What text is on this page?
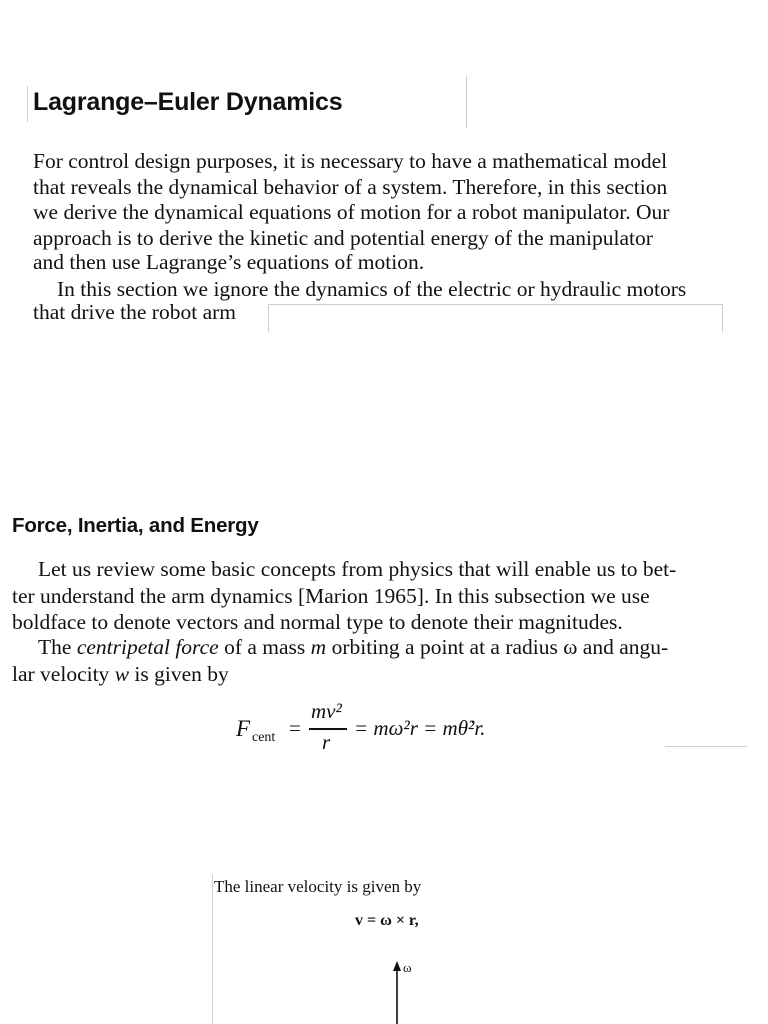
Lagrange–Euler Dynamics
For control design purposes, it is necessary to have a mathematical model
that reveals the dynamical behavior of a system. Therefore, in this section
we derive the dynamical equations of motion for a robot manipulator. Our
approach is to derive the kinetic and potential energy of the manipulator
and then use Lagrange’s equations of motion.
In this section we ignore the dynamics of the electric or hydraulic motors
that drive the robot arm
Force, Inertia, and Energy
Let us review some basic concepts from physics that will enable us to bet-
ter understand the arm dynamics [Marion 1965]. In this subsection we use
boldface to denote vectors and normal type to denote their magnitudes.
The centripetal force of a mass m orbiting a point at a radius ω and angu-
lar velocity w is given by
F cent =
mv²
r
= mω²r = mθ̇²r.
The linear velocity is given by
v = ω × r,
ω
